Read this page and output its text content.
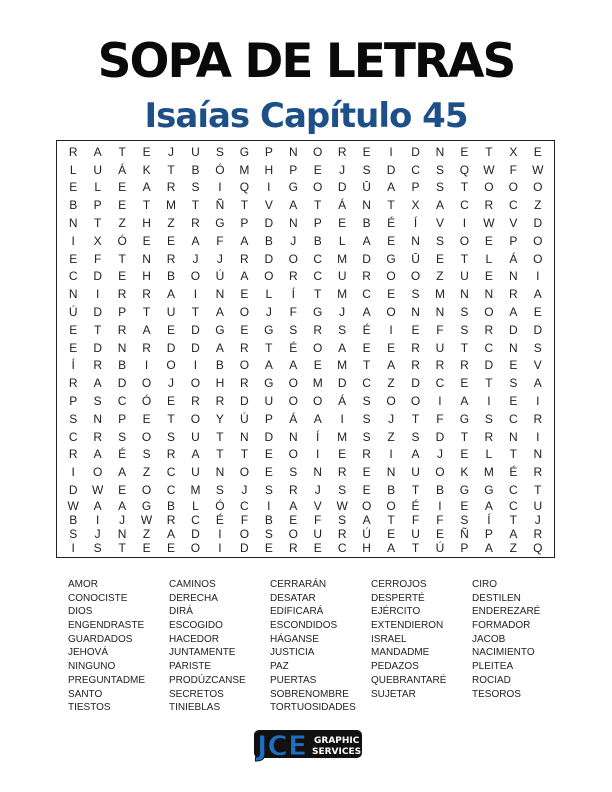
SOPA DE LETRAS
Isaías Capítulo 45
R	A	T	E	J	U	S	G	P	N	O	R	E	I	D	N	E	T	X	E
L	U	Á	K	T	B	Ó	M	H	P	E	J	S	D	C	S	Q	W	F	W
E	L	E	A	R	S	I	Q	I	G	O	D	Ū	A	P	S	T	O	O	O
B	P	E	T	M	T	Ñ	T	V	A	T	Á	N	T	X	A	C	R	C	Z
N	T	Z	H	Z	R	G	P	D	N	P	E	B	É	Í	V	I	W	V	D
I	X	Ó	E	E	A	F	A	B	J	B	L	A	E	N	S	O	E	P	O
E	F	T	N	R	J	J	R	D	O	C	M	D	G	Ū	E	T	L	Á	O
C	D	E	H	B	O	Ú	A	O	R	C	U	R	O	O	Z	U	E	N	I
N	I	R	R	A	I	N	E	L	Í	T	M	C	E	S	M	N	N	R	A
Ú	D	P	T	U	T	A	O	J	F	G	J	A	O	N	N	S	O	A	E
E	T	R	A	E	D	G	E	G	S	R	S	É	I	E	F	S	R	D	D
E	D	N	R	D	D	A	R	T	É	O	A	E	E	R	U	T	C	N	S
Í	R	B	I	O	I	B	O	A	A	E	M	T	A	R	R	R	D	E	V
R	A	D	O	J	O	H	R	G	O	M	D	C	Z	D	C	E	T	S	A
P	S	C	Ó	E	R	R	D	U	O	O	Á	S	O	O	I	A	I	E	I
S	N	P	E	T	O	Y	Ú	P	Á	A	I	S	J	T	F	G	S	C	R
C	R	S	O	S	U	T	N	D	N	Í	M	S	Z	S	D	T	R	N	I
R	A	É	S	R	A	T	T	E	O	I	E	R	I	A	J	E	L	T	N
I	O	A	Z	C	U	N	O	E	S	N	R	E	N	U	O	K	M	É	R
D	W	E	O	C	M	S	J	S	R	J	S	E	B	T	B	G	G	C	T
W	A	A	G	B	L	Ó	C	I	A	V	W	O	O	É	I	E	A	C	U
B	I	J	W	R	C	É	F	B	E	F	S	A	T	F	F	S	Í	T	J
S	J	N	Z	A	D	I	O	S	O	U	R	Ú	E	U	E	Ñ	P	A	R
I	S	T	E	E	O	I	D	E	R	E	C	H	A	T	Ú	P	A	Z	Q
AMOR	CAMINOS	CERRARÁN	CERROJOS	CIRO
CONOCISTE	DERECHA	DESATAR	DESPERTÉ	DESTILEN
DIOS	DIRÁ	EDIFICARÁ	EJÉRCITO	ENDEREZARÉ
ENGENDRASTE	ESCOGIDO	ESCONDIDOS	EXTENDIERON	FORMADOR
GUARDADOS	HACEDOR	HÁGANSE	ISRAEL	JACOB
JEHOVÁ	JUNTAMENTE	JUSTICIA	MANDADME	NACIMIENTO
NINGUNO	PARISTE	PAZ	PEDAZOS	PLEITEA
PREGUNTADME	PRODÚZCANSE	PUERTAS	QUEBRANTARÉ	ROCIAD
SANTO	SECRETOS	SOBRENOMBRE	SUJETAR	TESOROS
TIESTOS	TINIEBLAS	TORTUOSIDADES
JCE GRAPHIC
SERVICES
